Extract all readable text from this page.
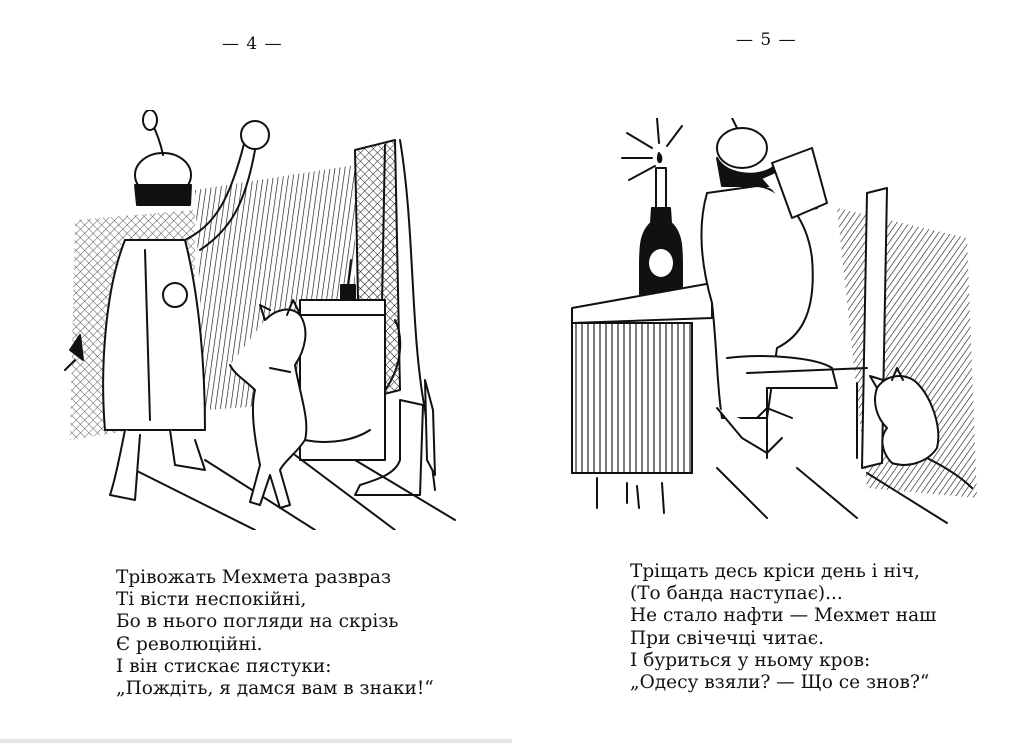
— 4 —
Трівожать Мехмета разврaз
Ті вісти неспокійні,
Бо в нього погляди на скрізь
Є революційні.
І він стискає пястуки:
„Пождіть, я дамся вам в знаки!“
— 5 —
Тріщать десь кріси день і ніч,
(То банда наступає)...
Не стало нафти — Мехмет наш
При свічечці читає.
І буриться у ньому кров:
„Одесу взяли? — Що се знов?“
